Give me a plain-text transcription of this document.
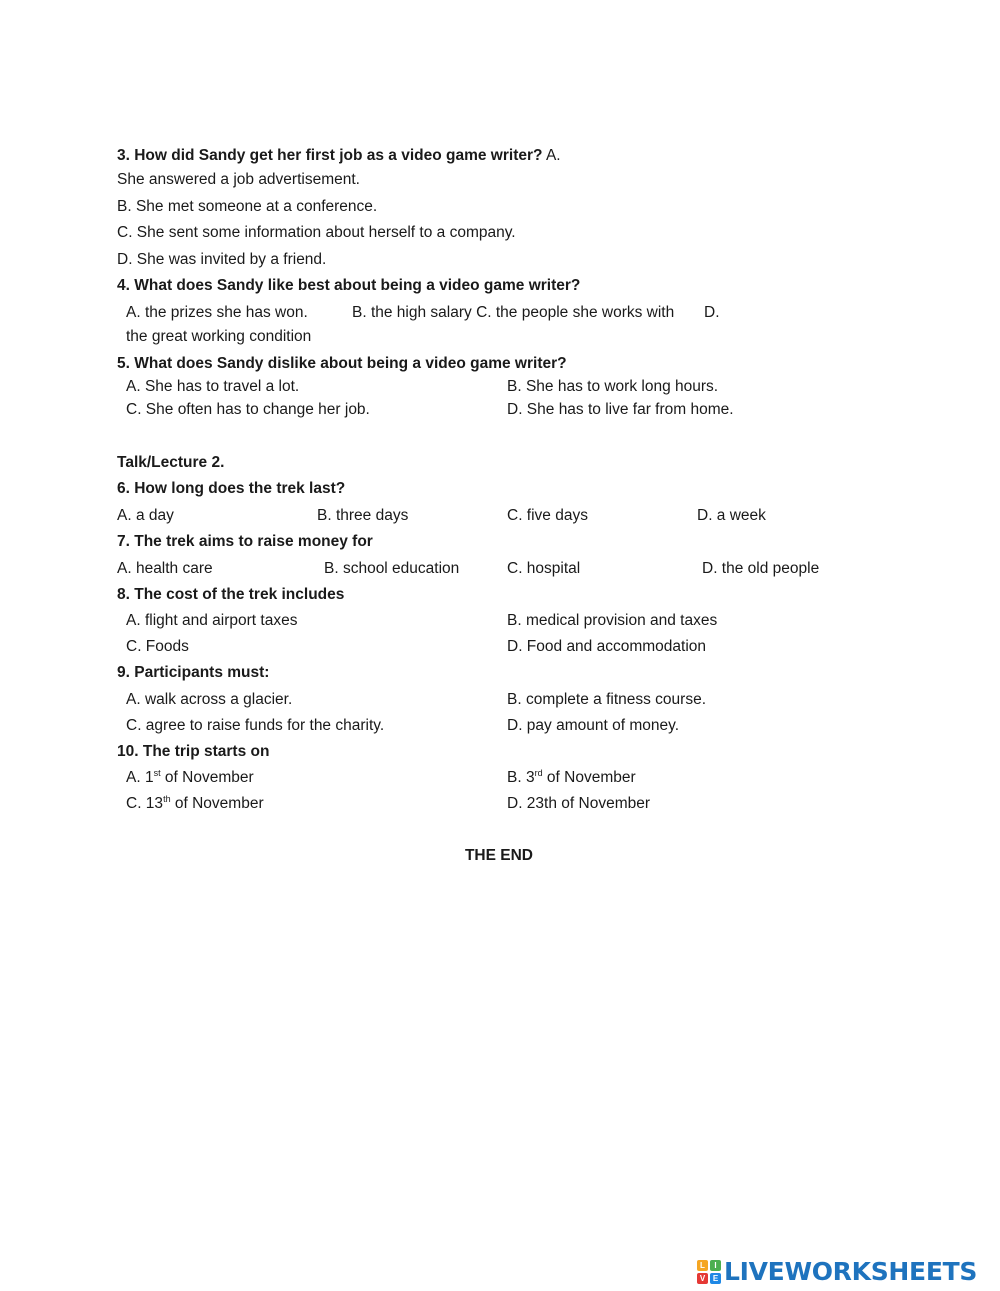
3. How did Sandy get her first job as a video game writer? A.
She answered a job advertisement.
B. She met someone at a conference.
C. She sent some information about herself to a company.
D. She was invited by a friend.
4. What does Sandy like best about being a video game writer?
A. the prizes she has won.	B. the high salary C. the people she works with D.
the great working condition
5. What does Sandy dislike about being a video game writer?
A. She has to travel a lot.	B. She has to work long hours.
C. She often has to change her job.	D. She has to live far from home.
Talk/Lecture 2.
6. How long does the trek last?
A. a day	B. three days	C. five days	D. a week
7. The trek aims to raise money for
A. health care	B. school education	C. hospital	D. the old people
8. The cost of the trek includes
A. flight and airport taxes	B. medical provision and taxes
C. Foods	D. Food and accommodation
9. Participants must:
A. walk across a glacier.	B. complete a fitness course.
C. agree to raise funds for the charity.	D. pay amount of money.
10. The trip starts on
A. 1st of November	B. 3rd of November
C. 13th of November	D. 23th of November
THE END
L	I
V E LIVEWORKSHEETS
